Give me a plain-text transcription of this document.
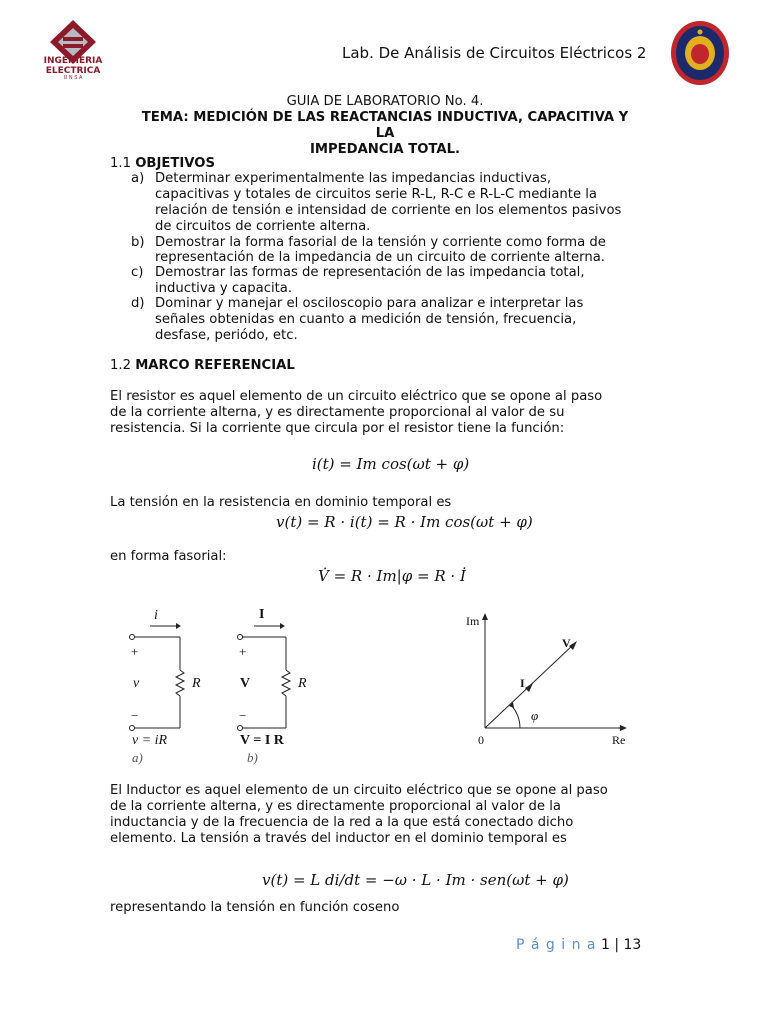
INGENIERIA
ELECTRICA
U N S A
Lab. De Análisis de Circuitos Eléctricos 2
GUIA DE LABORATORIO No. 4.
TEMA: MEDICIÓN DE LAS REACTANCIAS INDUCTIVA, CAPACITIVA Y
LA
IMPEDANCIA TOTAL.
1.1 OBJETIVOS
a) Determinar experimentalmente las impedancias inductivas,
capacitivas y totales de circuitos serie R-L, R-C e R-L-C mediante la
relación de tensión e intensidad de corriente en los elementos pasivos
de circuitos de corriente alterna.
b) Demostrar la forma fasorial de la tensión y corriente como forma de
representación de la impedancia de un circuito de corriente alterna.
c) Demostrar las formas de representación de las impedancia total,
inductiva y capacita.
d) Dominar y manejar el osciloscopio para analizar e interpretar las
señales obtenidas en cuanto a medición de tensión, frecuencia,
desfase, periódo, etc.
1.2 MARCO REFERENCIAL
El resistor es aquel elemento de un circuito eléctrico que se opone al paso
de la corriente alterna, y es directamente proporcional al valor de su
resistencia. Si la corriente que circula por el resistor tiene la función:
i(t) = Im cos(ωt + φ)
La tensión en la resistencia en dominio temporal es
v(t) = R · i(t) = R · Im cos(ωt + φ)
en forma fasorial:
V̇ = R · Im|φ = R · İ
i
+
v	R
−
v = iR
a)
I
+
V	R
−
V = I R
b)
Im
Re
0
V
I
φ
El Inductor es aquel elemento de un circuito eléctrico que se opone al paso
de la corriente alterna, y es directamente proporcional al valor de la
inductancia y de la frecuencia de la red a la que está conectado dicho
elemento. La tensión a través del inductor en el dominio temporal es
v(t) = L di/dt = −ω · L · Im · sen(ωt + φ)
representando la tensión en función coseno
P á g i n a 1 | 13
